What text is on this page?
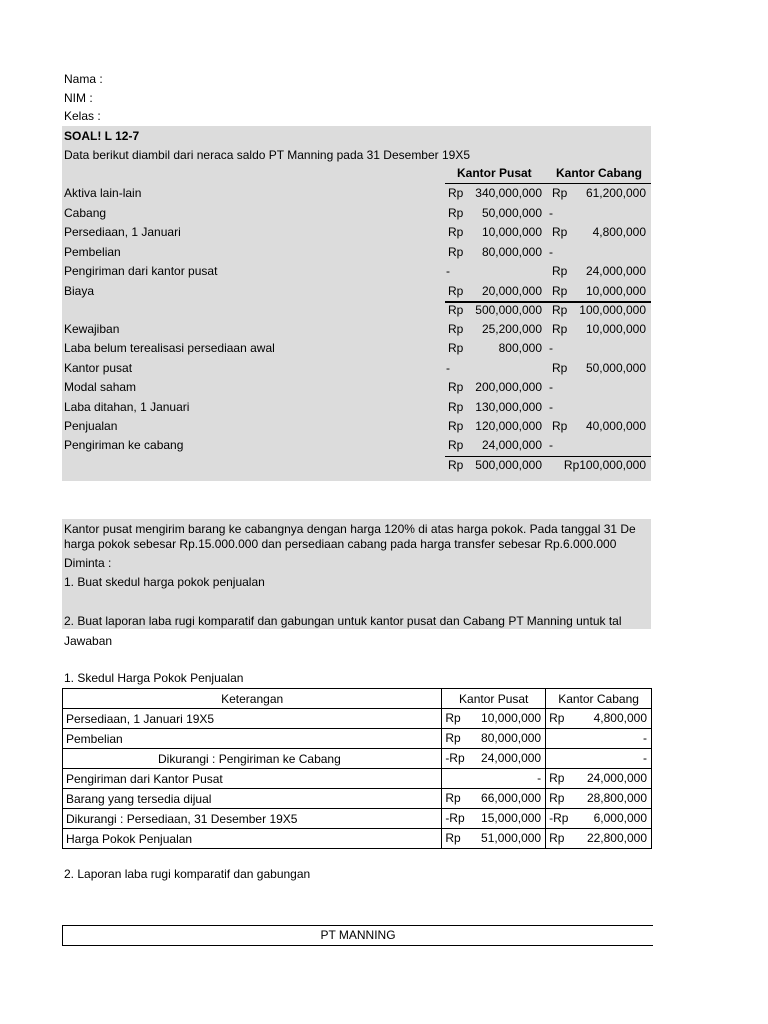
Nama :
NIM :
Kelas :
SOAL! L 12-7
Data berikut diambil dari neraca saldo PT Manning pada 31 Desember 19X5
Kantor Pusat Kantor Cabang
Aktiva lain-lain	Rp 340,000,000 Rp 61,200,000
Cabang	Rp 50,000,000 -
Persediaan, 1 Januari	Rp 10,000,000 Rp 4,800,000
Pembelian	Rp 80,000,000 -
Pengiriman dari kantor pusat	-	Rp 24,000,000
Biaya	Rp 20,000,000 Rp 10,000,000
Rp 500,000,000 Rp 100,000,000
Kewajiban	Rp 25,200,000 Rp 10,000,000
Laba belum terealisasi persediaan awal	Rp	800,000 -
Kantor pusat	-	Rp 50,000,000
Modal saham	Rp 200,000,000 -
Laba ditahan, 1 Januari	Rp 130,000,000 -
Penjualan	Rp 120,000,000 Rp 40,000,000
Pengiriman ke cabang	Rp 24,000,000 -
Rp 500,000,000 Rp100,000,000
Kantor pusat mengirim barang ke cabangnya dengan harga 120% di atas harga pokok. Pada tanggal 31 De
harga pokok sebesar Rp.15.000.000 dan persediaan cabang pada harga transfer sebesar Rp.6.000.000
Diminta :
1. Buat skedul harga pokok penjualan
2. Buat laporan laba rugi komparatif dan gabungan untuk kantor pusat dan Cabang PT Manning untuk tal
Jawaban
1. Skedul Harga Pokok Penjualan
Keterangan	Kantor Pusat	Kantor Cabang
Persediaan, 1 Januari 19X5	Rp 10,000,000	Rp 4,800,000

Pembelian	Rp 80,000,000	-

Dikurangi : Pengiriman ke Cabang	-Rp 24,000,000	-

Pengiriman dari Kantor Pusat	-	Rp 24,000,000

Barang yang tersedia dijual	Rp 66,000,000	Rp 28,800,000

Dikurangi : Persediaan, 31 Desember 19X5	-Rp 15,000,000	-Rp 6,000,000

Harga Pokok Penjualan	Rp 51,000,000	Rp 22,800,000
2. Laporan laba rugi komparatif dan gabungan
PT MANNING
